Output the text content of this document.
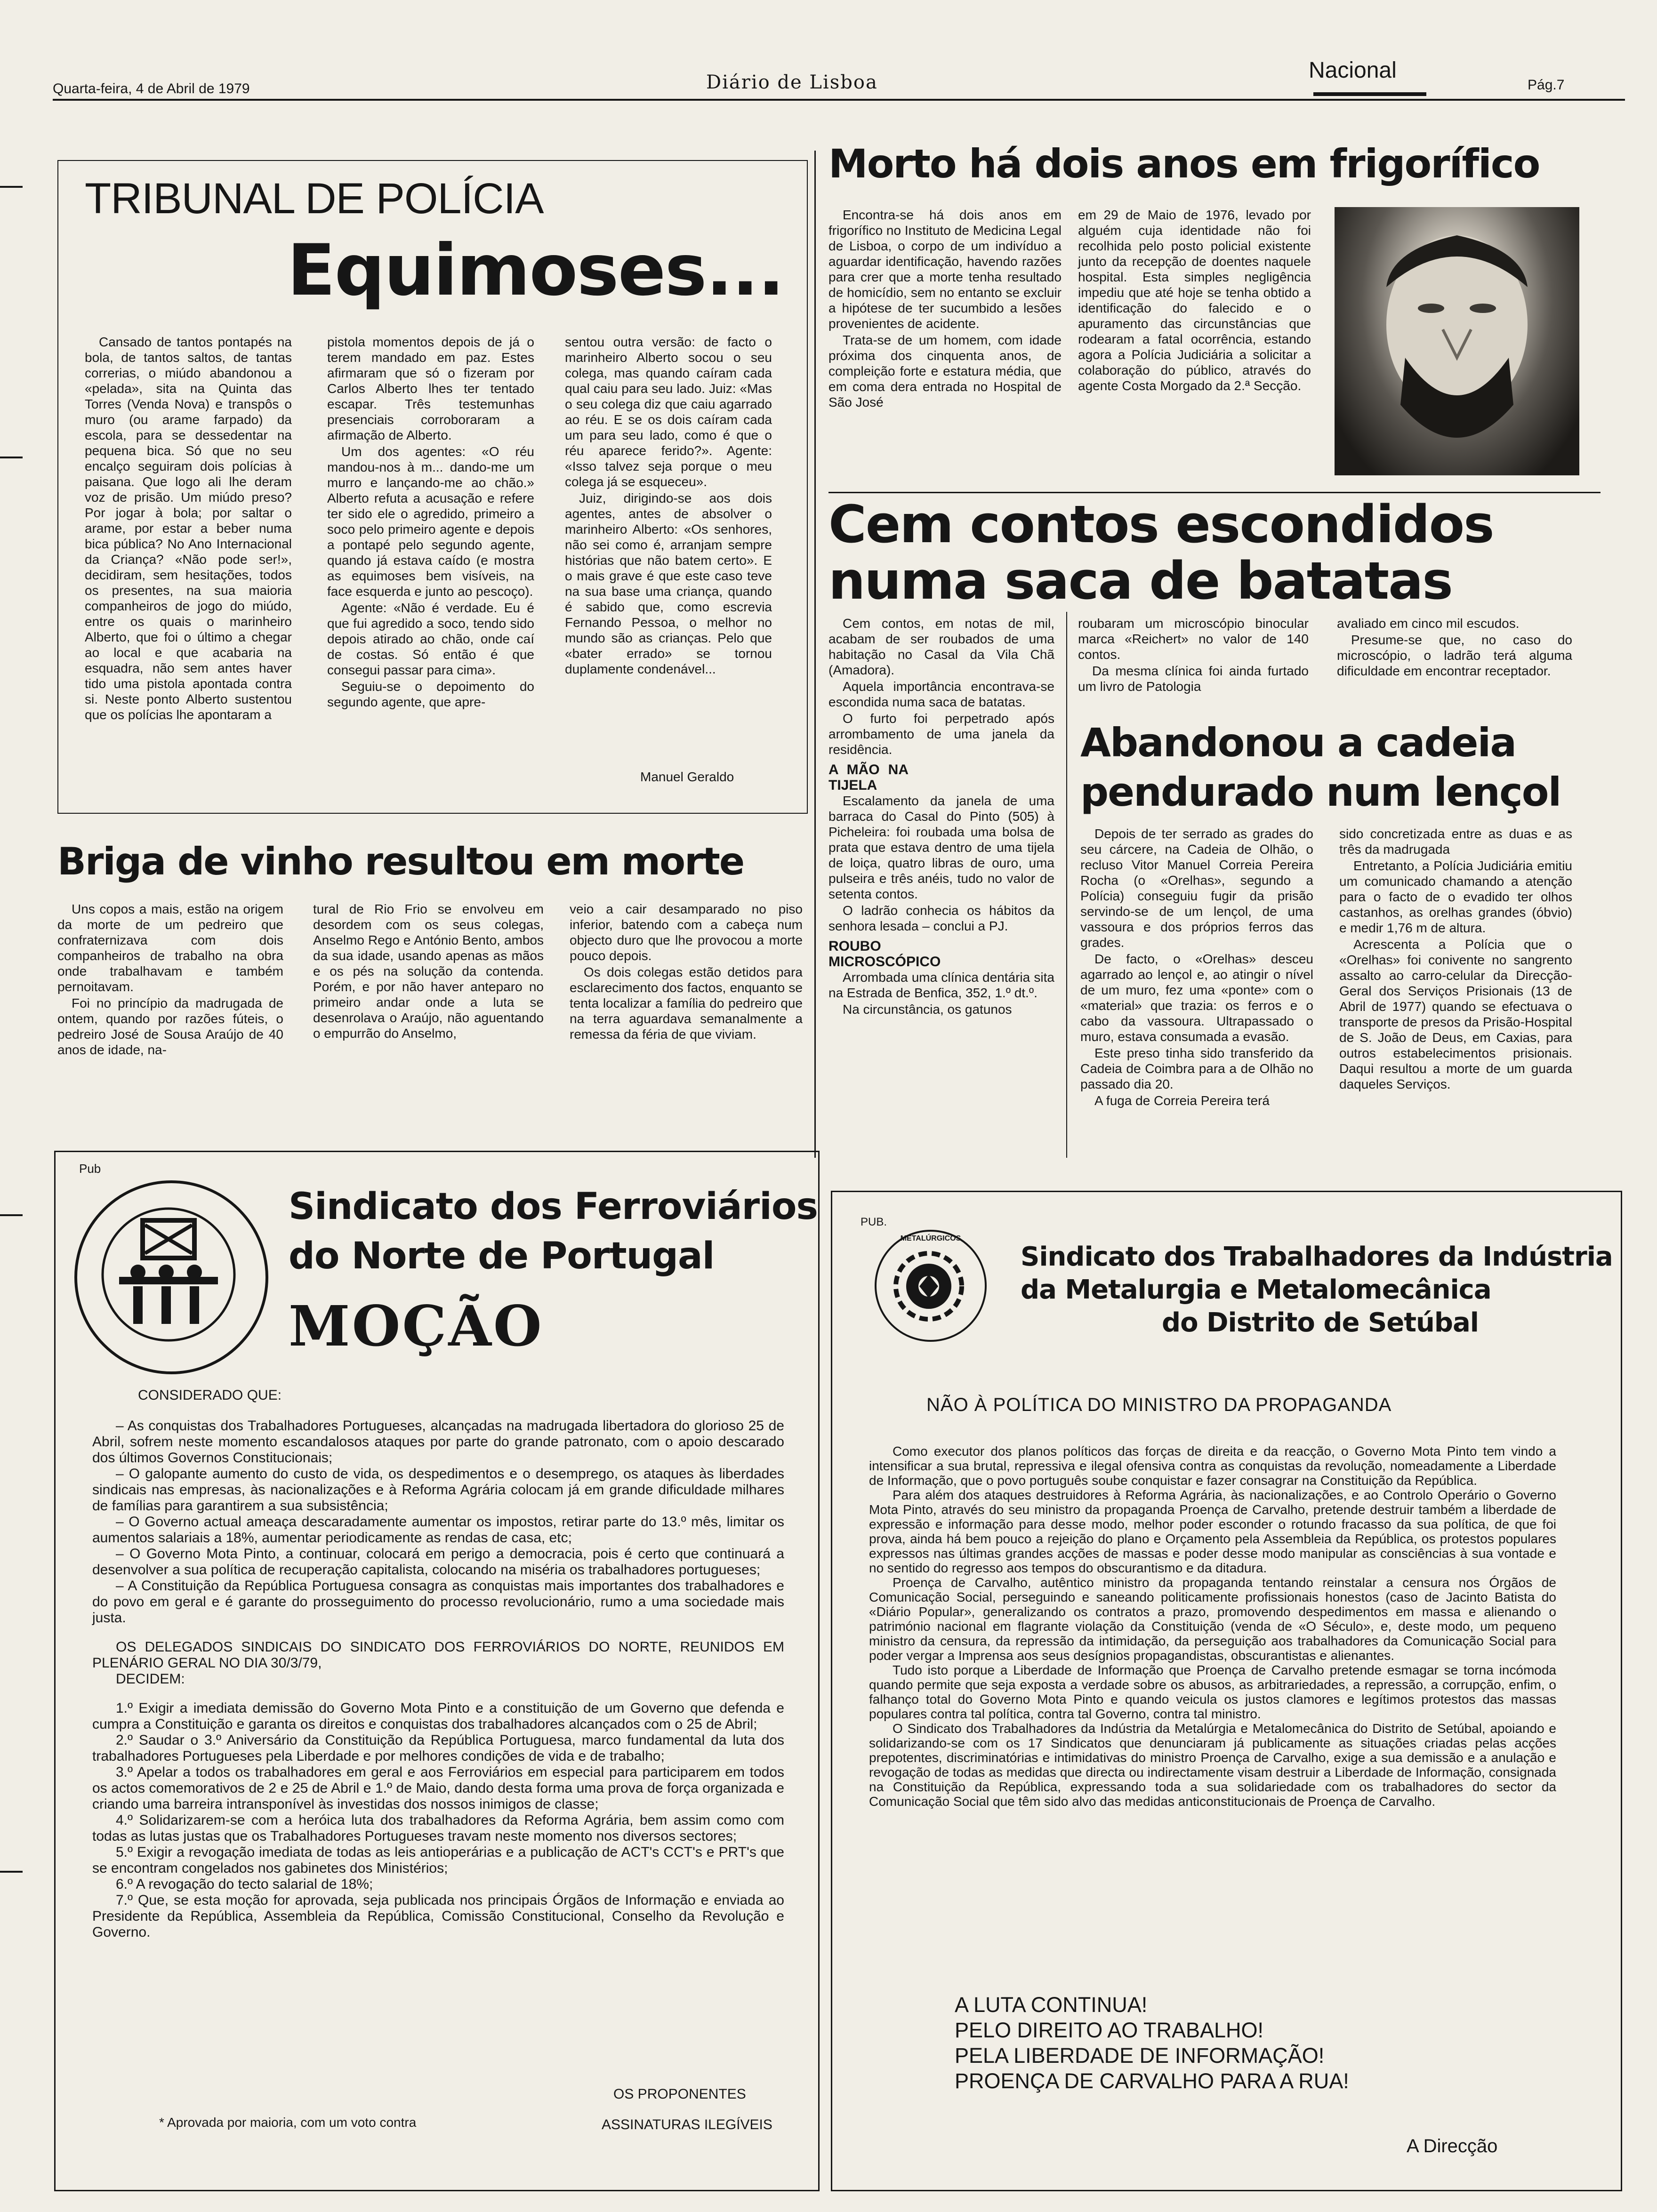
Quarta-feira, 4 de Abril de 1979	Diário de Lisboa	Nacional
Pág.7
TRIBUNAL DE POLÍCIA
Equimoses...

Cansado de tantos pontapés na bola, de tantos saltos, de tantas correrias, o miúdo abandonou a «pelada», sita na Quinta das Torres (Venda Nova) e transpôs o muro (ou arame farpado) da escola, para se dessedentar na pequena bica. Só que no seu encalço seguiram dois polícias à paisana. Que logo ali lhe deram voz de prisão. Um miúdo preso? Por jogar à bola; por saltar o arame, por estar a beber numa bica pública? No Ano Internacional da Criança? «Não pode ser!», decidiram, sem hesitações, todos os presentes, na sua maioria companheiros de jogo do miúdo, entre os quais o marinheiro Alberto, que foi o último a chegar ao local e que acabaria na esquadra, não sem antes haver tido uma pistola apontada contra si. Neste ponto Alberto sustentou que os polícias lhe apontaram a

pistola momentos depois de já o terem mandado em paz. Estes afirmaram que só o fizeram por Carlos Alberto lhes ter tentado escapar. Três testemunhas presenciais corroboraram a afirmação de Alberto.

Um dos agentes: «O réu mandou-nos à m... dando-me um murro e lançando-me ao chão.» Alberto refuta a acusação e refere ter sido ele o agredido, primeiro a soco pelo primeiro agente e depois a pontapé pelo segundo agente, quando já estava caído (e mostra as equimoses bem visíveis, na face esquerda e junto ao pescoço).

Agente: «Não é verdade. Eu é que fui agredido a soco, tendo sido depois atirado ao chão, onde caí de costas. Só então é que consegui passar para cima».

Seguiu-se o depoimento do segundo agente, que apre-

sentou outra versão: de facto o marinheiro Alberto socou o seu colega, mas quando caíram cada qual caiu para seu lado. Juiz: «Mas o seu colega diz que caiu agarrado ao réu. E se os dois caíram cada um para seu lado, como é que o réu aparece ferido?». Agente: «Isso talvez seja porque o meu colega já se esqueceu».

Juiz, dirigindo-se aos dois agentes, antes de absolver o marinheiro Alberto: «Os senhores, não sei como é, arranjam sempre histórias que não batem certo». E o mais grave é que este caso teve na sua base uma criança, quando é sabido que, como escrevia Fernando Pessoa, o melhor no mundo são as crianças. Pelo que «bater errado» se tornou duplamente condenável...

Manuel Geraldo
Briga de vinho resultou em morte

Uns copos a mais, estão na origem da morte de um pedreiro que confraternizava com dois companheiros de trabalho na obra onde trabalhavam e também pernoitavam.

Foi no princípio da madrugada de ontem, quando por razões fúteis, o pedreiro José de Sousa Araújo de 40 anos de idade, na-

tural de Rio Frio se envolveu em desordem com os seus colegas, Anselmo Rego e António Bento, ambos da sua idade, usando apenas as mãos e os pés na solução da contenda. Porém, e por não haver anteparo no primeiro andar onde a luta se desenrolava o Araújo, não aguentando o empurrão do Anselmo,

veio a cair desamparado no piso inferior, batendo com a cabeça num objecto duro que lhe provocou a morte pouco depois.

Os dois colegas estão detidos para esclarecimento dos factos, enquanto se tenta localizar a família do pedreiro que na terra aguardava semanalmente a remessa da féria de que viviam.

Morto há dois anos em frigorífico

Encontra-se há dois anos em frigorífico no Instituto de Medicina Legal de Lisboa, o corpo de um indivíduo a aguardar identificação, havendo razões para crer que a morte tenha resultado de homicídio, sem no entanto se excluir a hipótese de ter sucumbido a lesões provenientes de acidente.

Trata-se de um homem, com idade próxima dos cinquenta anos, de compleição forte e estatura média, que em coma dera entrada no Hospital de São José

em 29 de Maio de 1976, levado por alguém cuja identidade não foi recolhida pelo posto policial existente junto da recepção de doentes naquele hospital. Esta simples negligência impediu que até hoje se tenha obtido a identificação do falecido e o apuramento das circunstâncias que rodearam a fatal ocorrência, estando agora a Polícia Judiciária a solicitar a colaboração do público, através do agente Costa Morgado da 2.ª Secção.

Cem contos escondidos
numa saca de batatas

Cem contos, em notas de mil, acabam de ser roubados de uma habitação no Casal da Vila Chã (Amadora).

Aquela importância encontrava-se escondida numa saca de batatas.

O furto foi perpetrado após arrombamento de uma janela da residência.

A MÃO NA TIJELA

Escalamento da janela de uma barraca do Casal do Pinto (505) à Picheleira: foi roubada uma bolsa de prata que estava dentro de uma tijela de loiça, quatro libras de ouro, uma pulseira e três anéis, tudo no valor de setenta contos.

O ladrão conhecia os hábitos da senhora lesada – conclui a PJ.

ROUBO MICROSCÓPICO

Arrombada uma clínica dentária sita na Estrada de Benfica, 352, 1.º dt.º.

Na circunstância, os gatunos

roubaram um microscópio binocular marca «Reichert» no valor de 140 contos.

Da mesma clínica foi ainda furtado um livro de Patologia

avaliado em cinco mil escudos.

Presume-se que, no caso do microscópio, o ladrão terá alguma dificuldade em encontrar receptador.

Abandonou a cadeia
pendurado num lençol

Depois de ter serrado as grades do seu cárcere, na Cadeia de Olhão, o recluso Vitor Manuel Correia Pereira Rocha (o «Orelhas», segundo a Polícia) conseguiu fugir da prisão servindo-se de um lençol, de uma vassoura e dos próprios ferros das grades.

De facto, o «Orelhas» desceu agarrado ao lençol e, ao atingir o nível de um muro, fez uma «ponte» com o «material» que trazia: os ferros e o cabo da vassoura. Ultrapassado o muro, estava consumada a evasão.

Este preso tinha sido transferido da Cadeia de Coimbra para a de Olhão no passado dia 20.

A fuga de Correia Pereira terá

sido concretizada entre as duas e as três da madrugada

Entretanto, a Polícia Judiciária emitiu um comunicado chamando a atenção para o facto de o evadido ter olhos castanhos, as orelhas grandes (óbvio) e medir 1,76 m de altura.

Acrescenta a Polícia que o «Orelhas» foi conivente no sangrento assalto ao carro-celular da Direcção-Geral dos Serviços Prisionais (13 de Abril de 1977) quando se efectuava o transporte de presos da Prisão-Hospital de S. João de Deus, em Caxias, para outros estabelecimentos prisionais. Daqui resultou a morte de um guarda daqueles Serviços.

Pub
Sindicato dos Ferroviários
do Norte de Portugal
MOÇÃO
CONSIDERADO QUE:

– As conquistas dos Trabalhadores Portugueses, alcançadas na madrugada libertadora do glorioso 25 de Abril, sofrem neste momento escandalosos ataques por parte do grande patronato, com o apoio descarado dos últimos Governos Constitucionais;

– O galopante aumento do custo de vida, os despedimentos e o desemprego, os ataques às liberdades sindicais nas empresas, às nacionalizações e à Reforma Agrária colocam já em grande dificuldade milhares de famílias para garantirem a sua subsistência;

– O Governo actual ameaça descaradamente aumentar os impostos, retirar parte do 13.º mês, limitar os aumentos salariais a 18%, aumentar periodicamente as rendas de casa, etc;

– O Governo Mota Pinto, a continuar, colocará em perigo a democracia, pois é certo que continuará a desenvolver a sua política de recuperação capitalista, colocando na miséria os trabalhadores portugueses;

– A Constituição da República Portuguesa consagra as conquistas mais importantes dos trabalhadores e do povo em geral e é garante do prosseguimento do processo revolucionário, rumo a uma sociedade mais justa.

OS DELEGADOS SINDICAIS DO SINDICATO DOS FERROVIÁRIOS DO NORTE, REUNIDOS EM PLENÁRIO GERAL NO DIA 30/3/79,

DECIDEM:

1.º Exigir a imediata demissão do Governo Mota Pinto e a constituição de um Governo que defenda e cumpra a Constituição e garanta os direitos e conquistas dos trabalhadores alcançados com o 25 de Abril;

2.º Saudar o 3.º Aniversário da Constituição da República Portuguesa, marco fundamental da luta dos trabalhadores Portugueses pela Liberdade e por melhores condições de vida e de trabalho;

3.º Apelar a todos os trabalhadores em geral e aos Ferroviários em especial para participarem em todos os actos comemorativos de 2 e 25 de Abril e 1.º de Maio, dando desta forma uma prova de força organizada e criando uma barreira intransponível às investidas dos nossos inimigos de classe;

4.º Solidarizarem-se com a heróica luta dos trabalhadores da Reforma Agrária, bem assim como com todas as lutas justas que os Trabalhadores Portugueses travam neste momento nos diversos sectores;

5.º Exigir a revogação imediata de todas as leis antioperárias e a publicação de ACT's CCT's e PRT's que se encontram congelados nos gabinetes dos Ministérios;

6.º A revogação do tecto salarial de 18%;

7.º Que, se esta moção for aprovada, seja publicada nos principais Órgãos de Informação e enviada ao Presidente da República, Assembleia da República, Comissão Constitucional, Conselho da Revolução e Governo.

OS PROPONENTES
* Aprovada por maioria, com um voto contra	ASSINATURAS ILEGÍVEIS
PUB.
METALÚRGICOS
Sindicato dos Trabalhadores da Indústria
da Metalurgia e Metalomecânica
do Distrito de Setúbal
NÃO À POLÍTICA DO MINISTRO DA PROPAGANDA

Como executor dos planos políticos das forças de direita e da reacção, o Governo Mota Pinto tem vindo a intensificar a sua brutal, repressiva e ilegal ofensiva contra as conquistas da revolução, nomeadamente a Liberdade de Informação, que o povo português soube conquistar e fazer consagrar na Constituição da República.

Para além dos ataques destruidores à Reforma Agrária, às nacionalizações, e ao Controlo Operário o Governo Mota Pinto, através do seu ministro da propaganda Proença de Carvalho, pretende destruir também a liberdade de expressão e informação para desse modo, melhor poder esconder o rotundo fracasso da sua política, de que foi prova, ainda há bem pouco a rejeição do plano e Orçamento pela Assembleia da República, os protestos populares expressos nas últimas grandes acções de massas e poder desse modo manipular as consciências à sua vontade e no sentido do regresso aos tempos do obscurantismo e da ditadura.

Proença de Carvalho, autêntico ministro da propaganda tentando reinstalar a censura nos Órgãos de Comunicação Social, perseguindo e saneando politicamente profissionais honestos (caso de Jacinto Batista do «Diário Popular», generalizando os contratos a prazo, promovendo despedimentos em massa e alienando o património nacional em flagrante violação da Constituição (venda de «O Século», e, deste modo, um pequeno ministro da censura, da repressão da intimidação, da perseguição aos trabalhadores da Comunicação Social para poder vergar a Imprensa aos seus desígnios propagandistas, obscurantistas e alienantes.

Tudo isto porque a Liberdade de Informação que Proença de Carvalho pretende esmagar se torna incómoda quando permite que seja exposta a verdade sobre os abusos, as arbitrariedades, a repressão, a corrupção, enfim, o falhanço total do Governo Mota Pinto e quando veicula os justos clamores e legítimos protestos das massas populares contra tal política, contra tal Governo, contra tal ministro.

O Sindicato dos Trabalhadores da Indústria da Metalúrgia e Metalomecânica do Distrito de Setúbal, apoiando e solidarizando-se com os 17 Sindicatos que denunciaram já publicamente as situações criadas pelas acções prepotentes, discriminatórias e intimidativas do ministro Proença de Carvalho, exige a sua demissão e a anulação e revogação de todas as medidas que directa ou indirectamente visam destruir a Liberdade de Informação, consignada na Constituição da República, expressando toda a sua solidariedade com os trabalhadores do sector da Comunicação Social que têm sido alvo das medidas anticonstitucionais de Proença de Carvalho.

A LUTA CONTINUA!
PELO DIREITO AO TRABALHO!
PELA LIBERDADE DE INFORMAÇÃO!
PROENÇA DE CARVALHO PARA A RUA!
A Direcção
